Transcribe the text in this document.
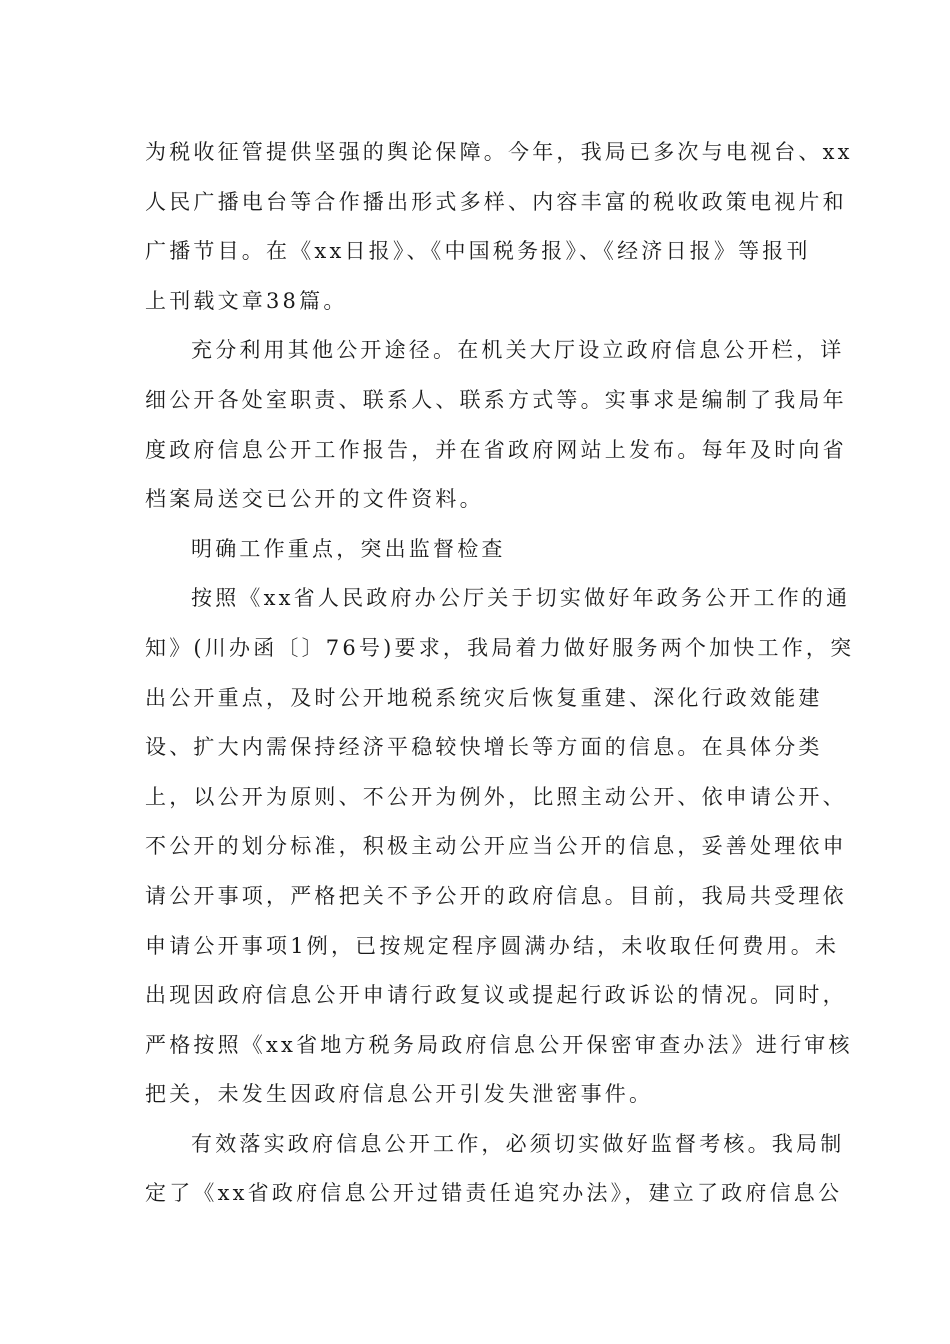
为税收征管提供坚强的舆论保障。今年，我局已多次与电视台、xx
人民广播电台等合作播出形式多样、内容丰富的税收政策电视片和
广播节目。在《xx日报》、《中国税务报》、《经济日报》等报刊
上刊载文章38篇。
充分利用其他公开途径。在机关大厅设立政府信息公开栏，详
细公开各处室职责、联系人、联系方式等。实事求是编制了我局年
度政府信息公开工作报告，并在省政府网站上发布。每年及时向省
档案局送交已公开的文件资料。
明确工作重点，突出监督检查
按照《xx省人民政府办公厅关于切实做好年政务公开工作的通
知》(川办函〔〕76号)要求，我局着力做好服务两个加快工作，突
出公开重点，及时公开地税系统灾后恢复重建、深化行政效能建
设、扩大内需保持经济平稳较快增长等方面的信息。在具体分类
上，以公开为原则、不公开为例外，比照主动公开、依申请公开、
不公开的划分标准，积极主动公开应当公开的信息，妥善处理依申
请公开事项，严格把关不予公开的政府信息。目前，我局共受理依
申请公开事项1例，已按规定程序圆满办结，未收取任何费用。未
出现因政府信息公开申请行政复议或提起行政诉讼的情况。同时，
严格按照《xx省地方税务局政府信息公开保密审查办法》进行审核
把关，未发生因政府信息公开引发失泄密事件。
有效落实政府信息公开工作，必须切实做好监督考核。我局制
定了《xx省政府信息公开过错责任追究办法》，建立了政府信息公
